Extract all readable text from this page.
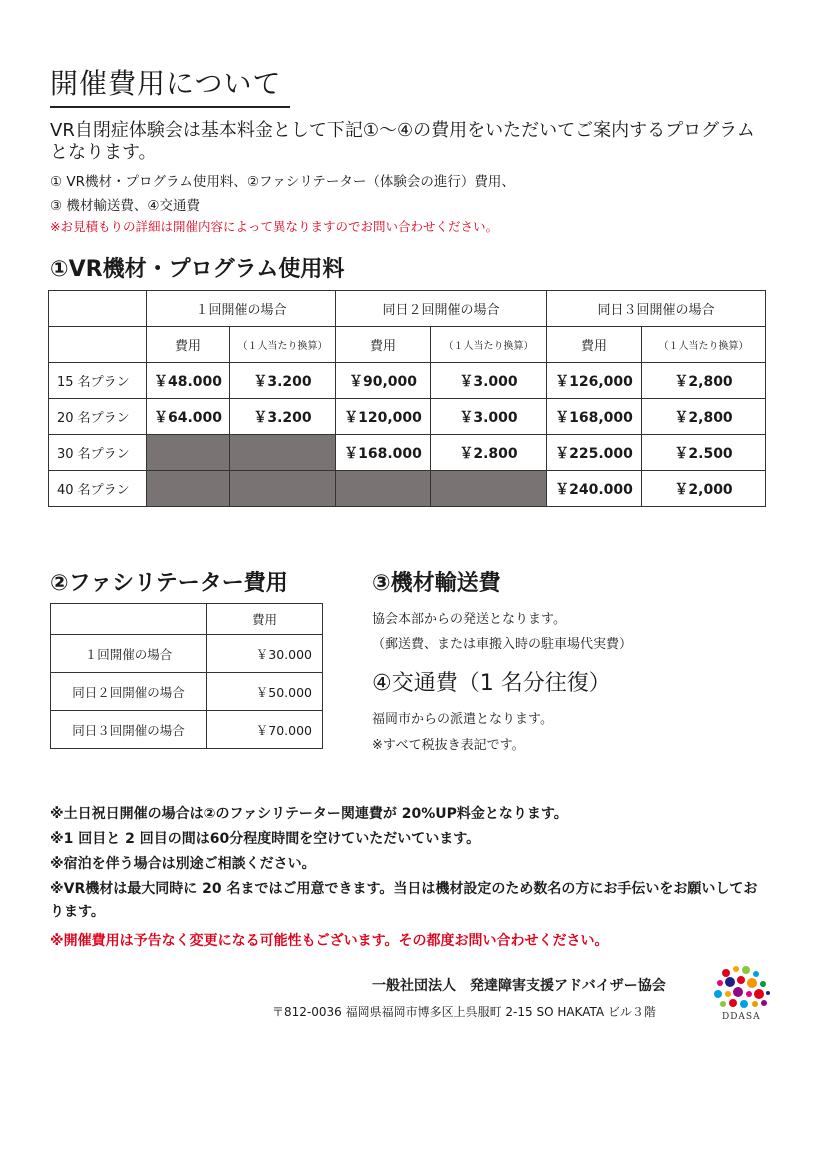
開催費用について
VR自閉症体験会は基本料金として下記①～④の費用をいただいてご案内するプログラムとなります。
① VR機材・プログラム使用料、②ファシリテーター（体験会の進行）費用、
③ 機材輸送費、④交通費
※お見積もりの詳細は開催内容によって異なりますのでお問い合わせください。
①VR機材・プログラム使用料
	１回開催の場合		同日２回開催の場合		同日３回開催の場合	
	費用	（１人当たり換算）	費用	（１人当たり換算）	費用	（１人当たり換算）
15 名プラン	￥48.000	￥3.200	￥90,000	￥3.000	￥126,000	￥2,800
20 名プラン	￥64.000	￥3.200	￥120,000	￥3.000	￥168,000	￥2,800
30 名プラン			￥168.000	￥2.800	￥225.000	￥2.500
40 名プラン					￥240.000	￥2,000
②ファシリテーター費用
	費用
１回開催の場合	￥30.000
同日２回開催の場合	￥50.000
同日３回開催の場合	￥70.000
③機材輸送費
協会本部からの発送となります。
（郵送費、または車搬入時の駐車場代実費）
④交通費（1 名分往復）
福岡市からの派遣となります。
※すべて税抜き表記です。
※土日祝日開催の場合は②のファシリテーター関連費が 20%UP料金となります。
※1 回目と 2 回目の間は60分程度時間を空けていただいています。
※宿泊を伴う場合は別途ご相談ください。
※VR機材は最大同時に 20 名まではご用意できます。当日は機材設定のため数名の方にお手伝いをお願いしております。
※開催費用は予告なく変更になる可能性もございます。その都度お問い合わせください。
一般社団法人　発達障害支援アドバイザー協会
〒812-0036 福岡県福岡市博多区上呉服町 2-15 SO HAKATA ビル３階	DDASA
